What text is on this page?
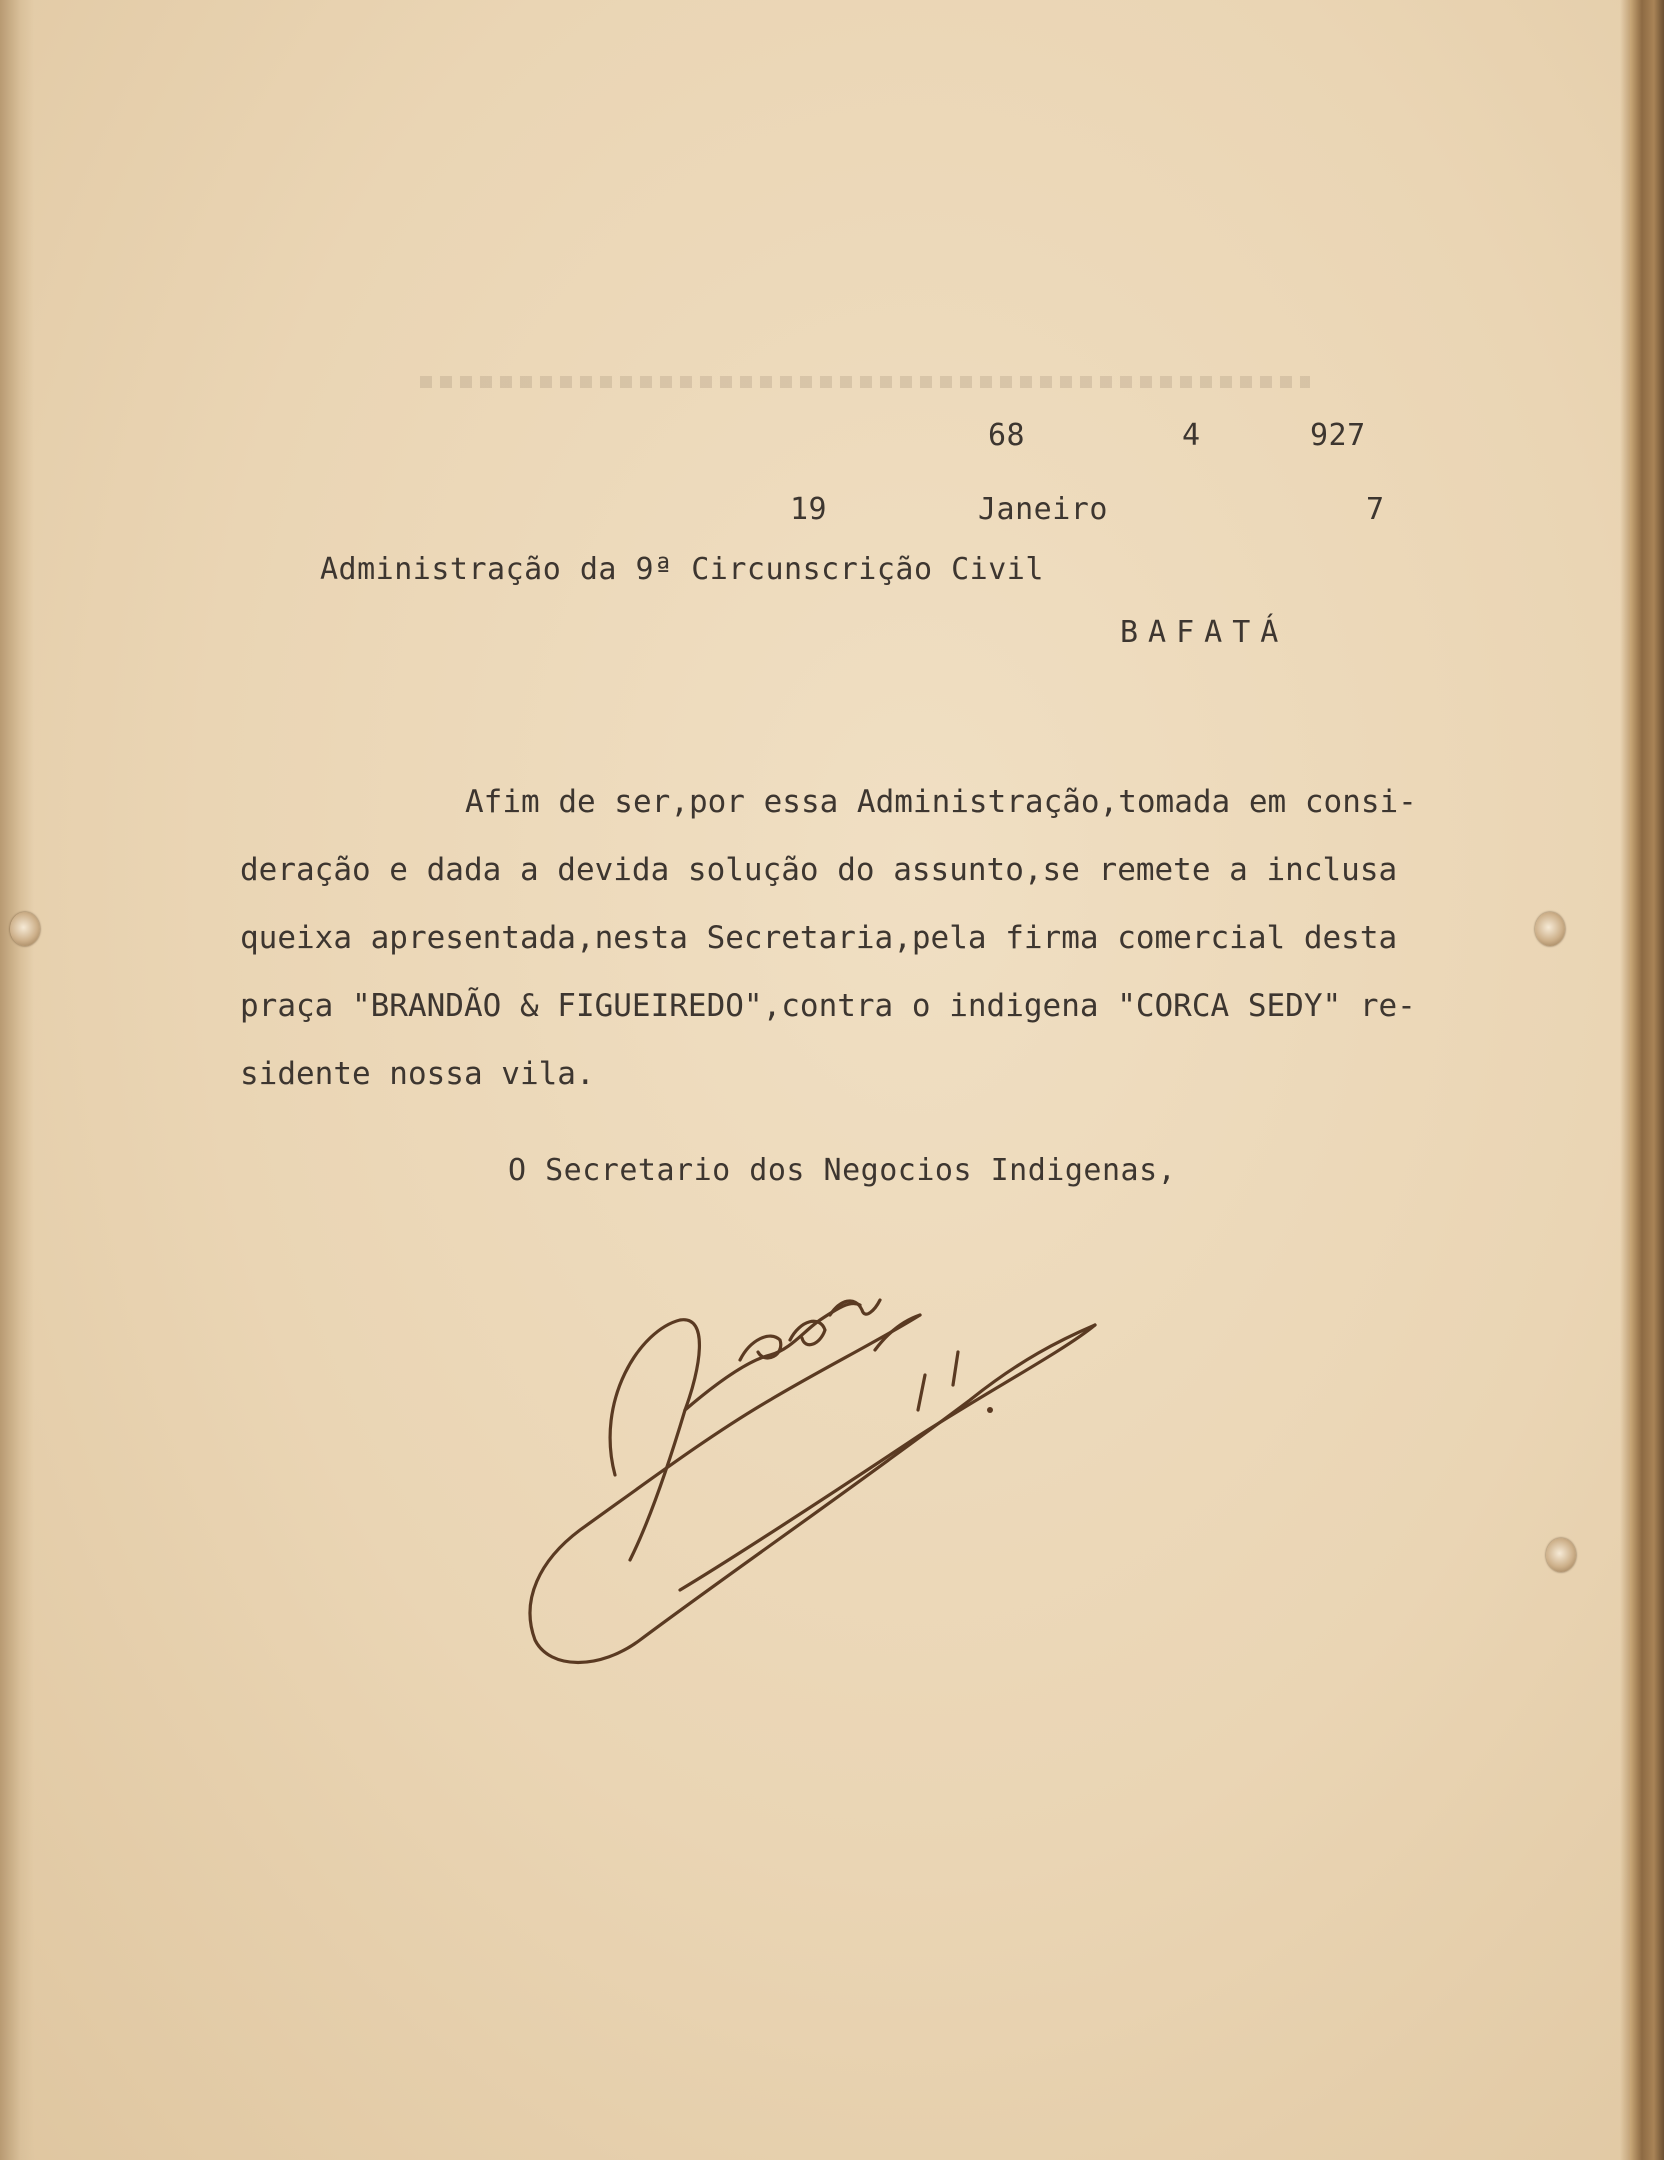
68	4	927
19	Janeiro	7
Administração da 9ª Circunscrição Civil
BAFATÁ
Afim de ser,por essa Administração,tomada em consi-
deração e dada a devida solução do assunto,se remete a inclusa
queixa apresentada,nesta Secretaria,pela firma comercial desta
praça "BRANDÃO & FIGUEIREDO",contra o indigena "CORCA SEDY" re-
sidente nossa vila.
O Secretario dos Negocios Indigenas,
